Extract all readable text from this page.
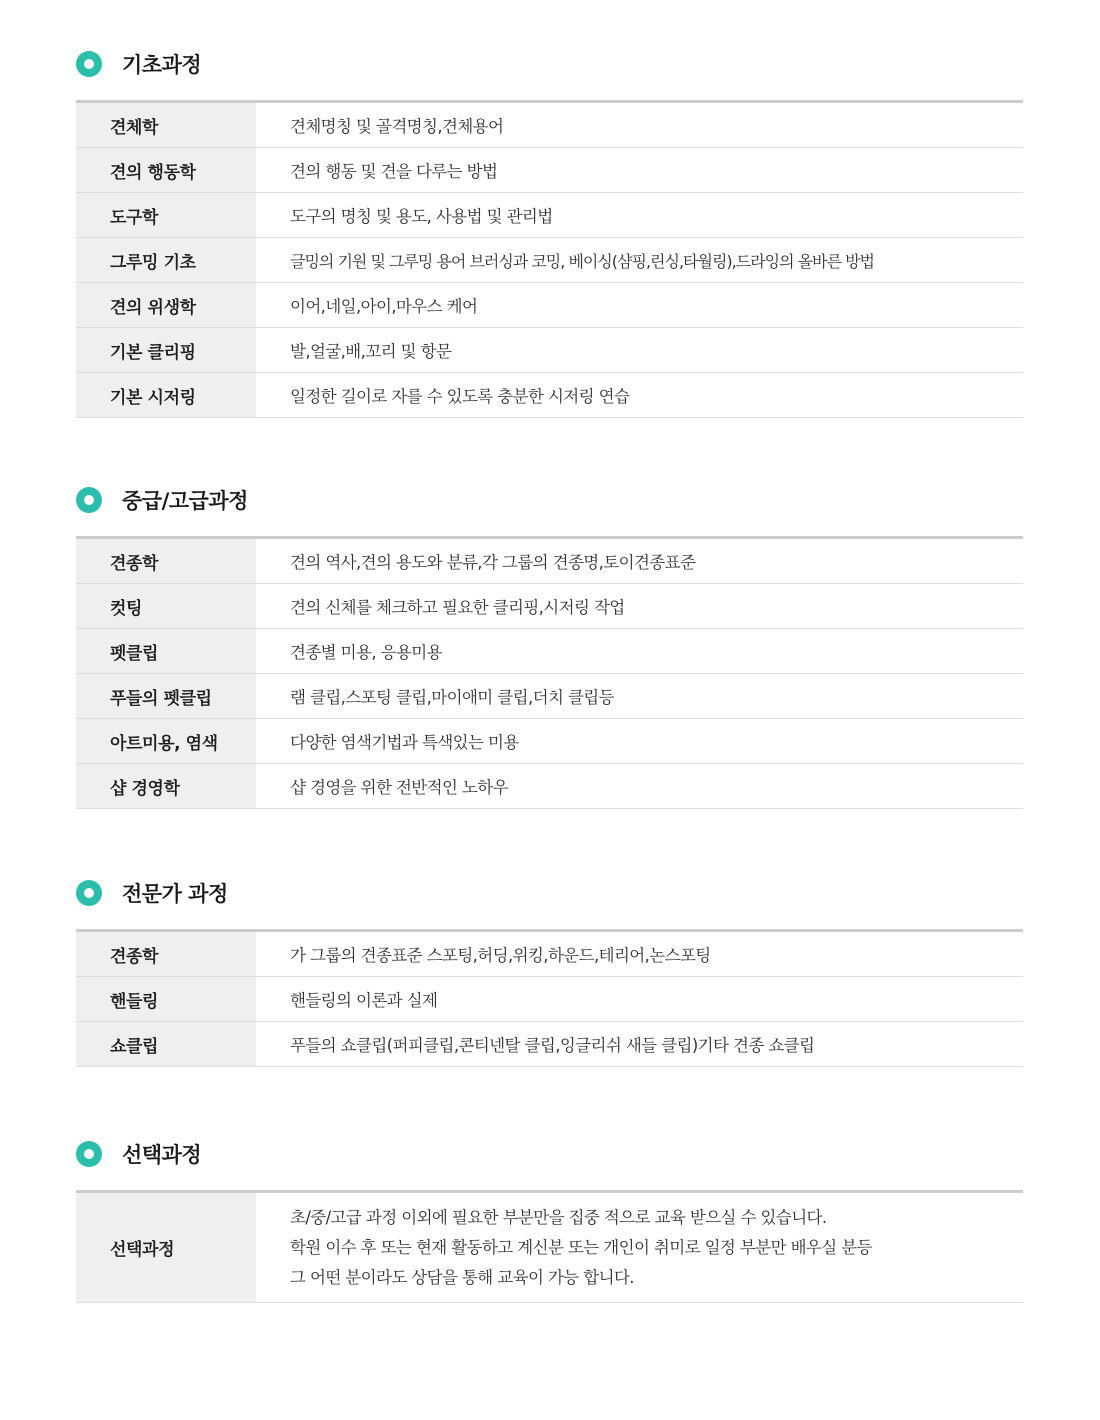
기초과정
견체학	견체명칭 및 골격명칭,견체용어
견의 행동학	견의 행동 및 견을 다루는 방법
도구학	도구의 명칭 및 용도, 사용법 및 관리법
그루밍 기초	글밍의 기원 및 그루밍 용어 브러싱과 코밍, 베이싱(샴핑,린싱,타월링),드라잉의 올바른 방법
견의 위생학	이어,네일,아이,마우스 케어
기본 클리핑	발,얼굴,배,꼬리 및 항문
기본 시저링	일정한 길이로 자를 수 있도록 충분한 시저링 연습
중급/고급과정
견종학	견의 역사,견의 용도와 분류,각 그룹의 견종명,토이견종표준
컷팅	견의 신체를 체크하고 필요한 클리핑,시저링 작업
펫클립	견종별 미용, 응용미용
푸들의 펫클립	램 클립,스포팅 클립,마이애미 클립,더치 클립등
아트미용, 염색	다양한 염색기법과 특색있는 미용
샵 경영학	샵 경영을 위한 전반적인 노하우
전문가 과정
견종학	가 그룹의 견종표준 스포팅,허딩,위킹,하운드,테리어,논스포팅
핸들링	핸들링의 이론과 실제
쇼클립	푸들의 쇼클립(퍼피클립,콘티넨탈 클립,잉글리쉬 새들 클립)기타 견종 쇼클립
선택과정
선택과정
초/중/고급 과정 이외에 필요한 부분만을 집중 적으로 교육 받으실 수 있습니다.
학원 이수 후 또는 현재 활동하고 계신분 또는 개인이 취미로 일정 부분만 배우실 분등
그 어떤 분이라도 상담을 통해 교육이 가능 합니다.
